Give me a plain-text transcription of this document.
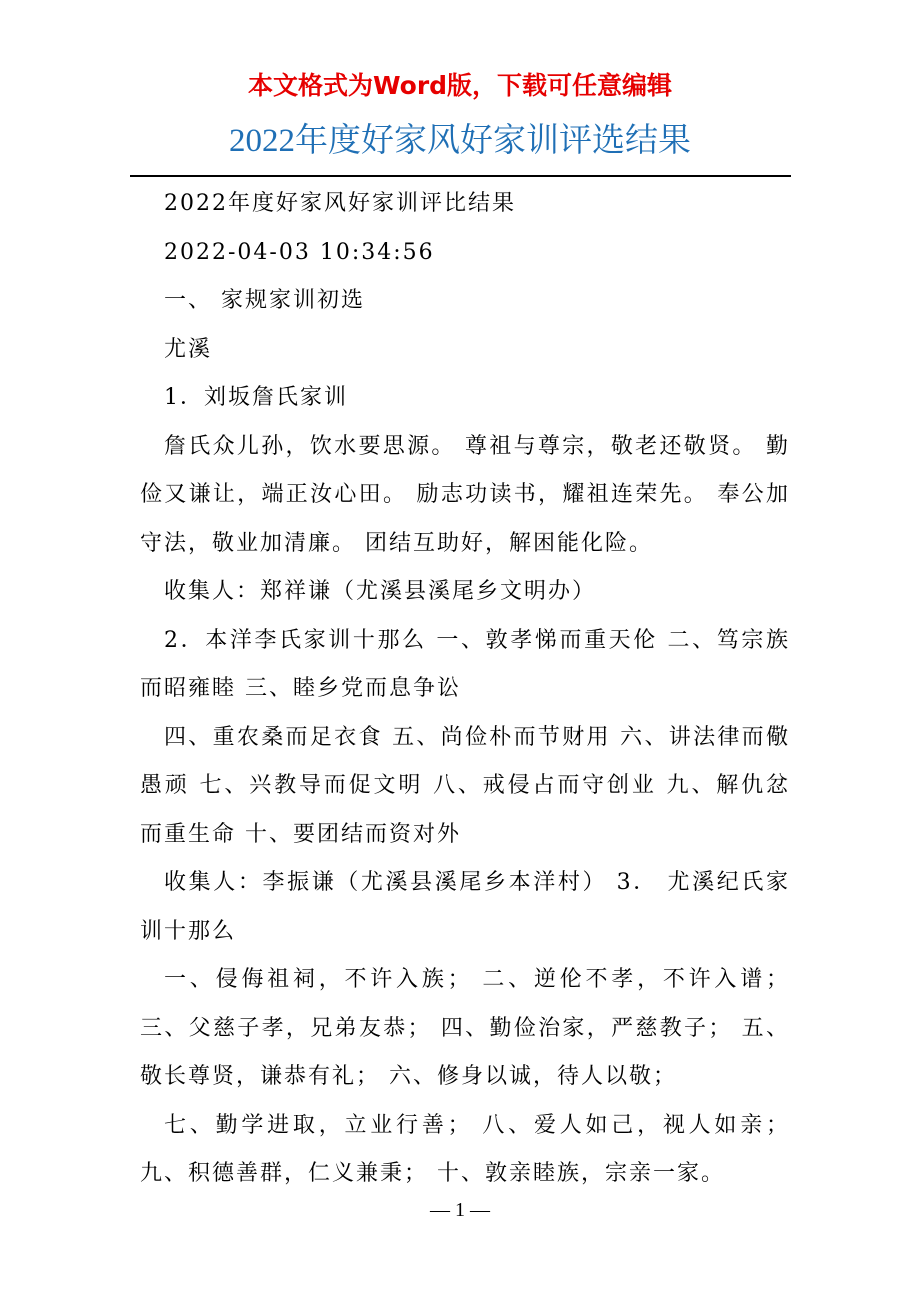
本文格式为Word版，下载可任意编辑
2022年度好家风好家训评选结果

2022年度好家风好家训评比结果

2022-04-03 10:34:56

一、 家规家训初选

尤溪

1．刘坂詹氏家训

詹氏众儿孙，饮水要思源。 尊祖与尊宗，敬老还敬贤。 勤俭又谦让，端正汝心田。 励志功读书，耀祖连荣先。 奉公加守法，敬业加清廉。 团结互助好，解困能化险。

收集人：郑祥谦（尤溪县溪尾乡文明办）

2．本洋李氏家训十那么 一、敦孝悌而重天伦 二、笃宗族而昭雍睦 三、睦乡党而息争讼

四、重农桑而足衣食 五、尚俭朴而节财用 六、讲法律而儆愚顽 七、兴教导而促文明 八、戒侵占而守创业 九、解仇忿而重生命 十、要团结而资对外

收集人：李振谦（尤溪县溪尾乡本洋村） 3． 尤溪纪氏家训十那么

一、侵侮祖祠，不许入族； 二、逆伦不孝，不许入谱；三、父慈子孝，兄弟友恭； 四、勤俭治家，严慈教子； 五、敬长尊贤，谦恭有礼； 六、修身以诚，待人以敬；

七、勤学进取，立业行善； 八、爱人如己，视人如亲；九、积德善群，仁义兼秉； 十、敦亲睦族，宗亲一家。

— 1 —
